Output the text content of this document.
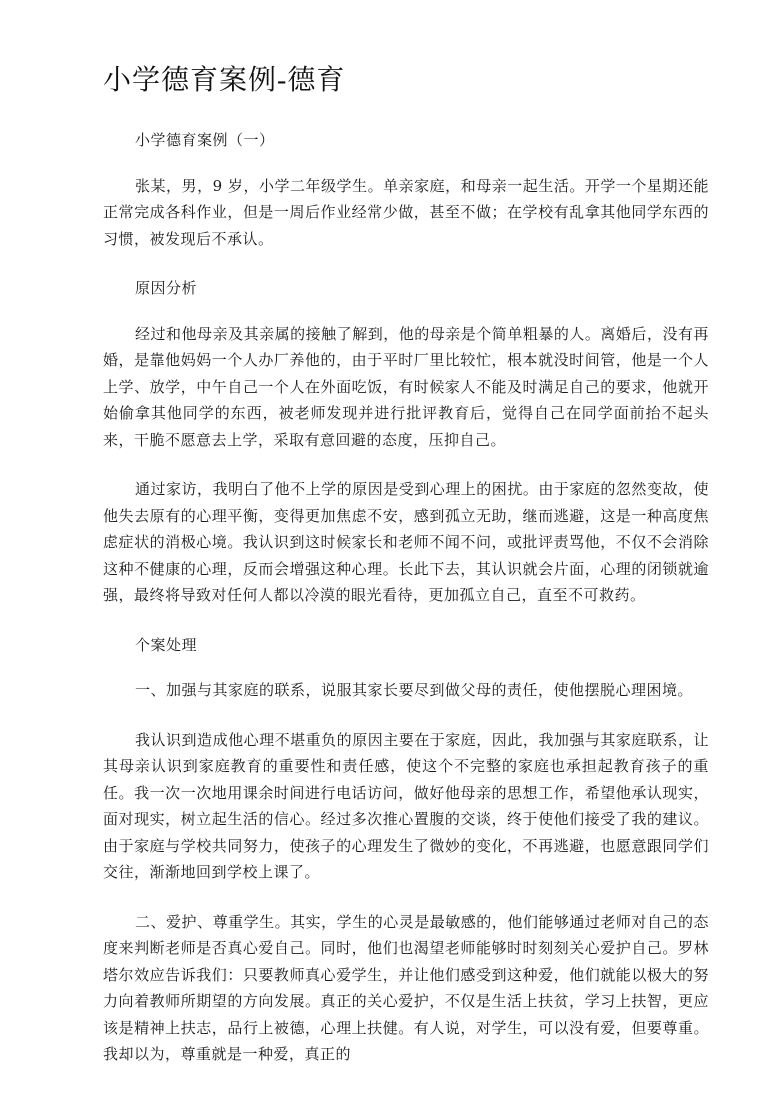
小学德育案例-德育

小学德育案例（一）

张某，男，9 岁，小学二年级学生。单亲家庭，和母亲一起生活。开学一个星期还能正常完成各科作业，但是一周后作业经常少做，甚至不做；在学校有乱拿其他同学东西的习惯，被发现后不承认。

原因分析

经过和他母亲及其亲属的接触了解到，他的母亲是个简单粗暴的人。离婚后，没有再婚，是靠他妈妈一个人办厂养他的，由于平时厂里比较忙，根本就没时间管，他是一个人上学、放学，中午自己一个人在外面吃饭，有时候家人不能及时满足自己的要求，他就开始偷拿其他同学的东西，被老师发现并进行批评教育后，觉得自己在同学面前抬不起头来，干脆不愿意去上学，采取有意回避的态度，压抑自己。

通过家访，我明白了他不上学的原因是受到心理上的困扰。由于家庭的忽然变故，使他失去原有的心理平衡，变得更加焦虑不安，感到孤立无助，继而逃避，这是一种高度焦虑症状的消极心境。我认识到这时候家长和老师不闻不问，或批评责骂他，不仅不会消除这种不健康的心理，反而会增强这种心理。长此下去，其认识就会片面，心理的闭锁就逾强，最终将导致对任何人都以冷漠的眼光看待，更加孤立自己，直至不可救药。

个案处理

一、加强与其家庭的联系，说服其家长要尽到做父母的责任，使他摆脱心理困境。

我认识到造成他心理不堪重负的原因主要在于家庭，因此，我加强与其家庭联系，让其母亲认识到家庭教育的重要性和责任感，使这个不完整的家庭也承担起教育孩子的重任。我一次一次地用课余时间进行电话访问，做好他母亲的思想工作，希望他承认现实，面对现实，树立起生活的信心。经过多次推心置腹的交谈，终于使他们接受了我的建议。由于家庭与学校共同努力，使孩子的心理发生了微妙的变化，不再逃避，也愿意跟同学们交往，渐渐地回到学校上课了。

二、爱护、尊重学生。其实，学生的心灵是最敏感的，他们能够通过老师对自己的态度来判断老师是否真心爱自己。同时，他们也渴望老师能够时时刻刻关心爱护自己。罗林塔尔效应告诉我们：只要教师真心爱学生，并让他们感受到这种爱，他们就能以极大的努力向着教师所期望的方向发展。真正的关心爱护，不仅是生活上扶贫，学习上扶智，更应该是精神上扶志，品行上被德，心理上扶健。有人说，对学生，可以没有爱，但要尊重。我却以为，尊重就是一种爱，真正的
